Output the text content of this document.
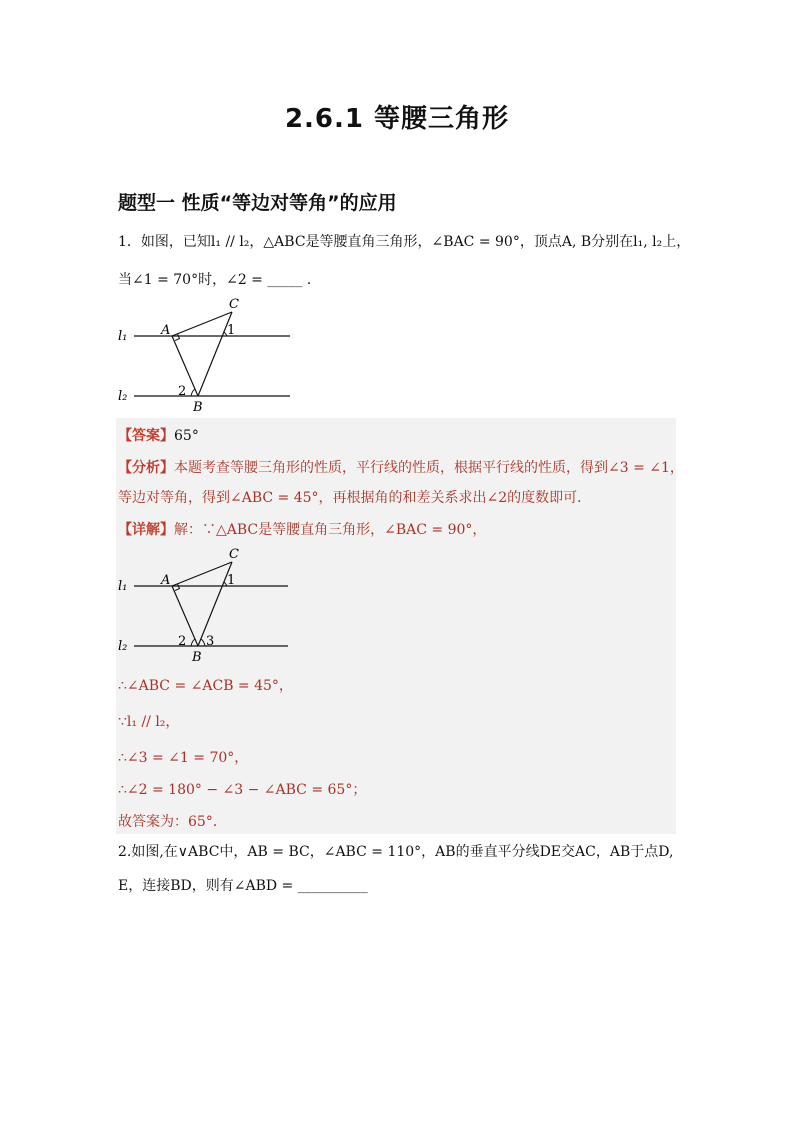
2.6.1 等腰三角形
题型一 性质“等边对等角”的应用
1．如图，已知l₁ // l₂，△ABC是等腰直角三角形，∠BAC = 90°，顶点A, B分别在l₁, l₂上，
当∠1 = 70°时，∠2 = _____ .
l₁
l₂
A
B
C
1
2
【答案】65°
【分析】本题考查等腰三角形的性质，平行线的性质，根据平行线的性质，得到∠3 = ∠1，
等边对等角，得到∠ABC = 45°，再根据角的和差关系求出∠2的度数即可．
【详解】解：∵△ABC是等腰直角三角形，∠BAC = 90°，
l₁
l₂
A
B
C
1
2 3
∴∠ABC = ∠ACB = 45°，
∵l₁ // l₂，
∴∠3 = ∠1 = 70°，
∴∠2 = 180° − ∠3 − ∠ABC = 65°；
故答案为：65°．
2.如图,在∨ABC中，AB = BC，∠ABC = 110°，AB的垂直平分线DE交AC，AB于点D,
E，连接BD，则有∠ABD = __________
